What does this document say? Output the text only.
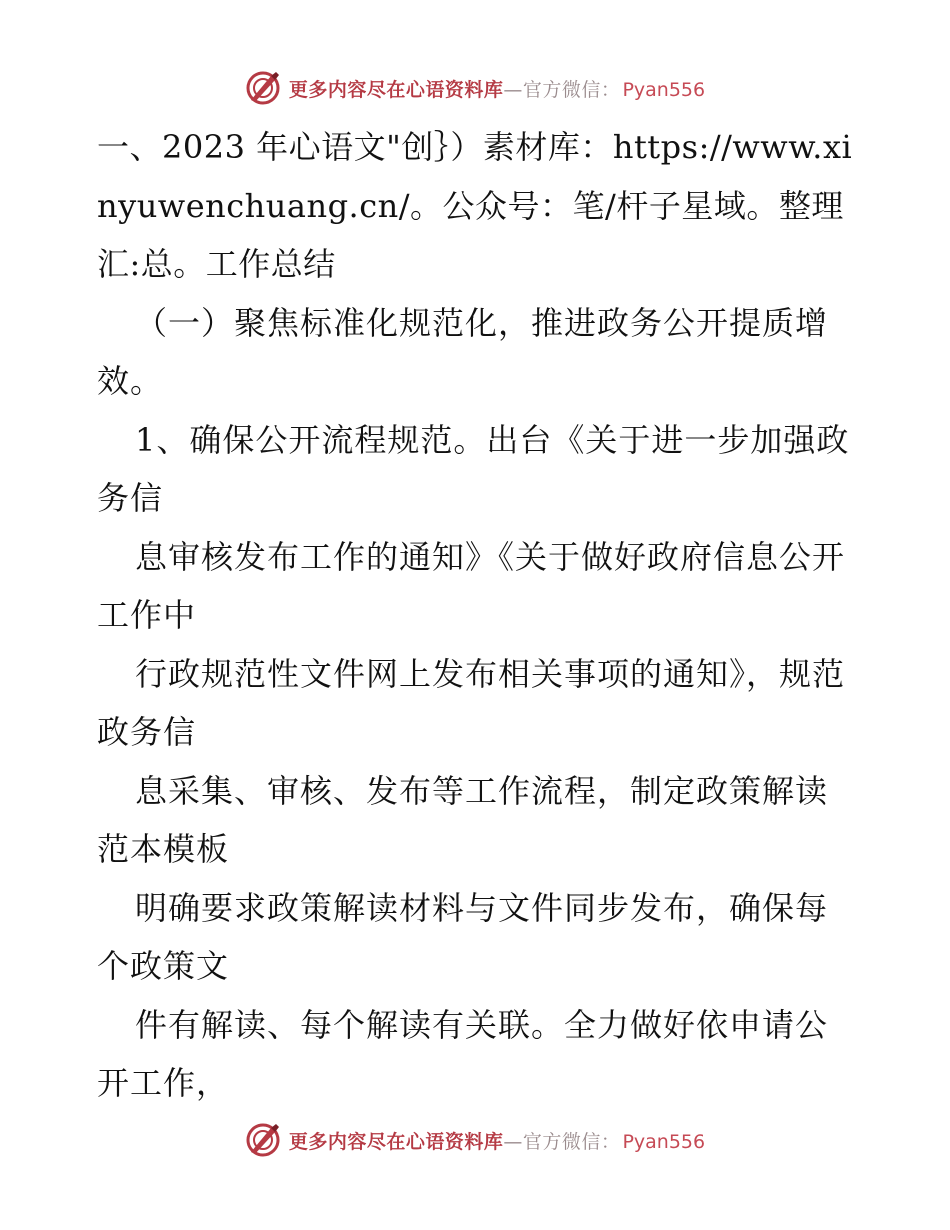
更多内容尽在心语资料库 —官方微信： Pyan556

一、2023 年心语文"创｝）素材库：https://www.xinyuwenchuang.cn/。公众号：笔/杆子星域。整理汇:总。工作总结

（一）聚焦标准化规范化，推进政务公开提质增效。

1、确保公开流程规范。出台《关于进一步加强政务信

息审核发布工作的通知》《关于做好政府信息公开工作中

行政规范性文件网上发布相关事项的通知》，规范政务信

息采集、审核、发布等工作流程，制定政策解读范本模板

明确要求政策解读材料与文件同步发布，确保每个政策文

件有解读、每个解读有关联。全力做好依申请公开工作，

更多内容尽在心语资料库 —官方微信： Pyan556
